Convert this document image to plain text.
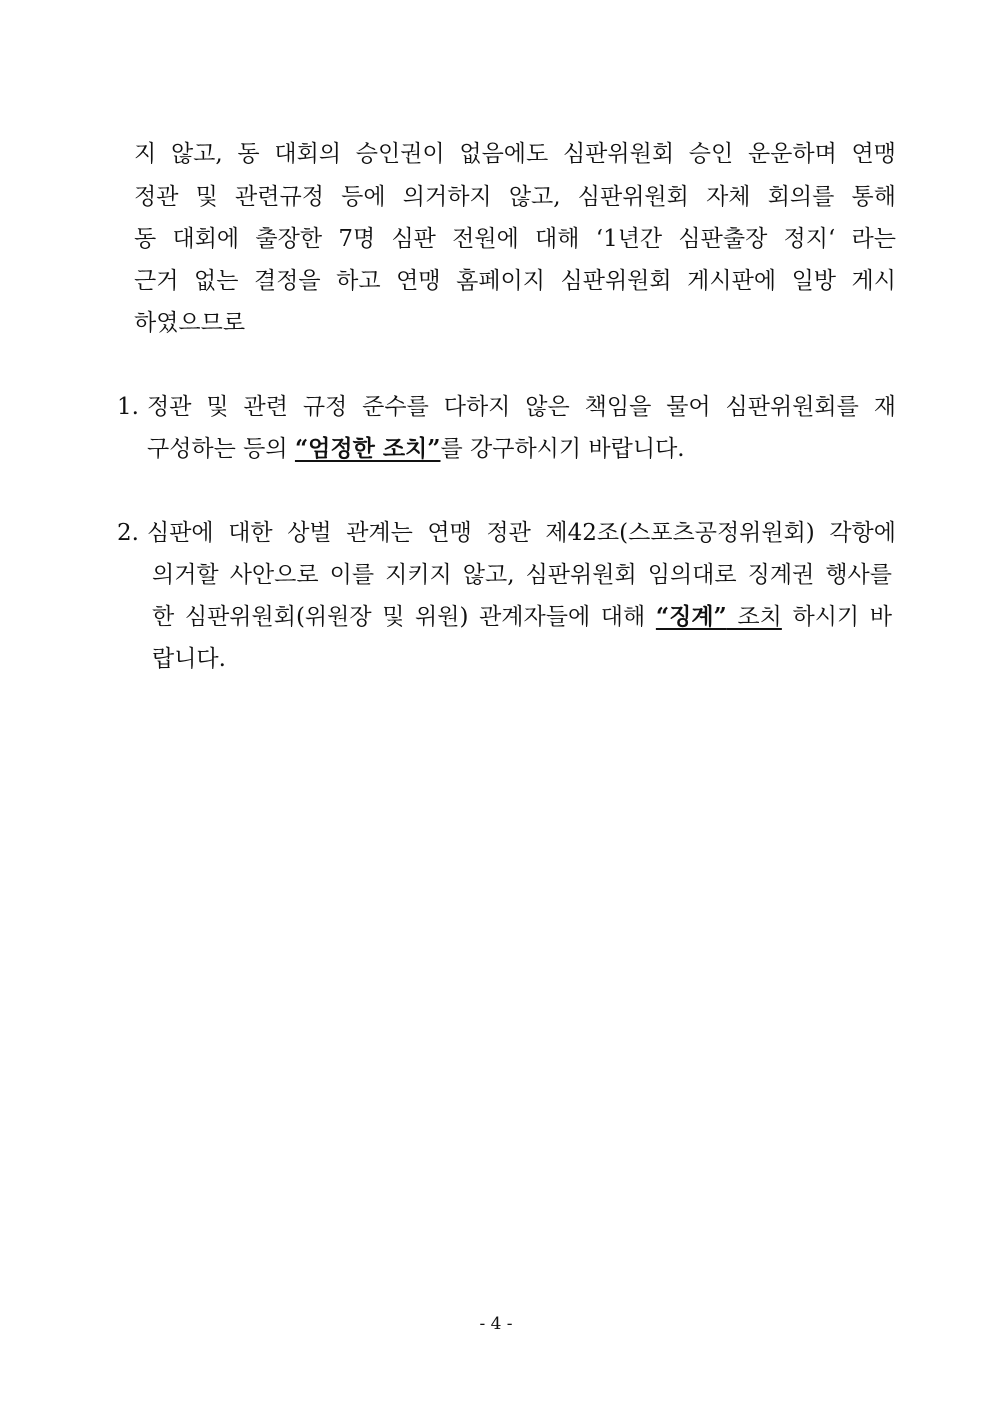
지 않고, 동 대회의 승인권이 없음에도 심판위원회 승인 운운하며 연맹
정관 및 관련규정 등에 의거하지 않고, 심판위원회 자체 회의를 통해
동 대회에 출장한 7명 심판 전원에 대해 ‘1년간 심판출장 정지‘ 라는
근거 없는 결정을 하고 연맹 홈페이지 심판위원회 게시판에 일방 게시
하였으므로
1. 정관 및 관련 규정 준수를 다하지 않은 책임을 물어 심판위원회를 재
구성하는 등의 “엄정한 조치”를 강구하시기 바랍니다.
2. 심판에 대한 상벌 관계는 연맹 정관 제42조(스포츠공정위원회) 각항에
의거할 사안으로 이를 지키지 않고, 심판위원회 임의대로 징계권 행사를
한 심판위원회(위원장 및 위원) 관계자들에 대해 “징계” 조치 하시기 바
랍니다.
- 4 -
